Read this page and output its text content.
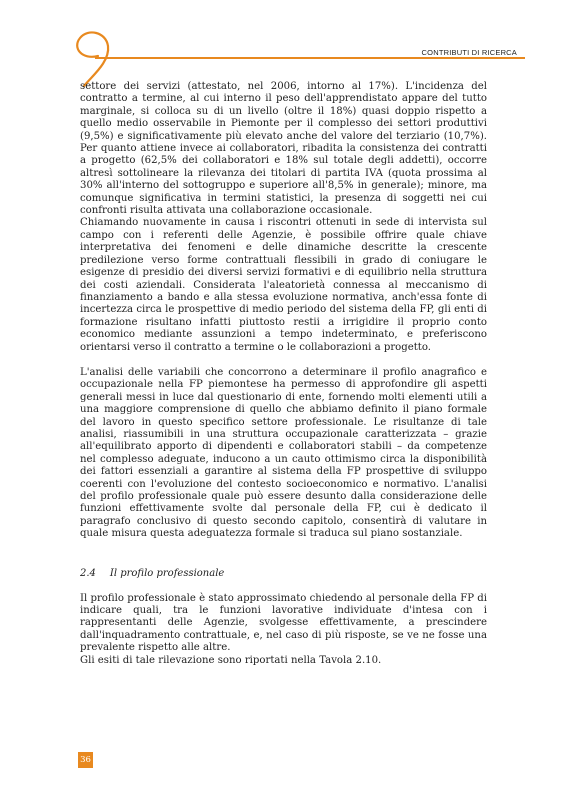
CONTRIBUTI DI RICERCA

settore dei servizi (attestato, nel 2006, intorno al 17%). L'incidenza del contratto a termine, al cui interno il peso dell'apprendistato appare del tutto marginale, si colloca su di un livello (oltre il 18%) quasi doppio rispetto a quello medio osservabile in Piemonte per il complesso dei settori produttivi (9,5%) e significativamente più elevato anche del valore del terziario (10,7%). Per quanto attiene invece ai collaboratori, ribadita la consistenza dei contratti a progetto (62,5% dei collaboratori e 18% sul totale degli addetti), occorre altresì sottolineare la rilevanza dei titolari di partita IVA (quota prossima al 30% all'interno del sottogruppo e superiore all'8,5% in generale); minore, ma comunque significativa in termini statistici, la presenza di soggetti nei cui confronti risulta attivata una collaborazione occasionale.

Chiamando nuovamente in causa i riscontri ottenuti in sede di intervista sul campo con i referenti delle Agenzie, è possibile offrire quale chiave interpretativa dei fenomeni e delle dinamiche descritte la crescente predilezione verso forme contrattuali flessibili in grado di coniugare le esigenze di presidio dei diversi servizi formativi e di equilibrio nella struttura dei costi aziendali. Considerata l'aleatorietà connessa al meccanismo di finanziamento a bando e alla stessa evoluzione normativa, anch'essa fonte di incertezza circa le prospettive di medio periodo del sistema della FP, gli enti di formazione risultano infatti piuttosto restii a irrigidire il proprio conto economico mediante assunzioni a tempo indeterminato, e preferiscono orientarsi verso il contratto a termine o le collaborazioni a progetto.

L'analisi delle variabili che concorrono a determinare il profilo anagrafico e occupazionale nella FP piemontese ha permesso di approfondire gli aspetti generali messi in luce dal questionario di ente, fornendo molti elementi utili a una maggiore comprensione di quello che abbiamo definito il piano formale del lavoro in questo specifico settore professionale. Le risultanze di tale analisi, riassumibili in una struttura occupazionale caratterizzata – grazie all'equilibrato apporto di dipendenti e collaboratori stabili – da competenze nel complesso adeguate, inducono a un cauto ottimismo circa la disponibilità dei fattori essenziali a garantire al sistema della FP prospettive di sviluppo coerenti con l'evoluzione del contesto socioeconomico e normativo. L'analisi del profilo professionale quale può essere desunto dalla considerazione delle funzioni effettivamente svolte dal personale della FP, cui è dedicato il paragrafo conclusivo di questo secondo capitolo, consentirà di valutare in quale misura questa adeguatezza formale si traduca sul piano sostanziale.

2.4 Il profilo professionale

Il profilo professionale è stato approssimato chiedendo al personale della FP di indicare quali, tra le funzioni lavorative individuate d'intesa con i rappresentanti delle Agenzie, svolgesse effettivamente, a prescindere dall'inquadramento contrattuale, e, nel caso di più risposte, se ve ne fosse una prevalente rispetto alle altre.

Gli esiti di tale rilevazione sono riportati nella Tavola 2.10.

36
